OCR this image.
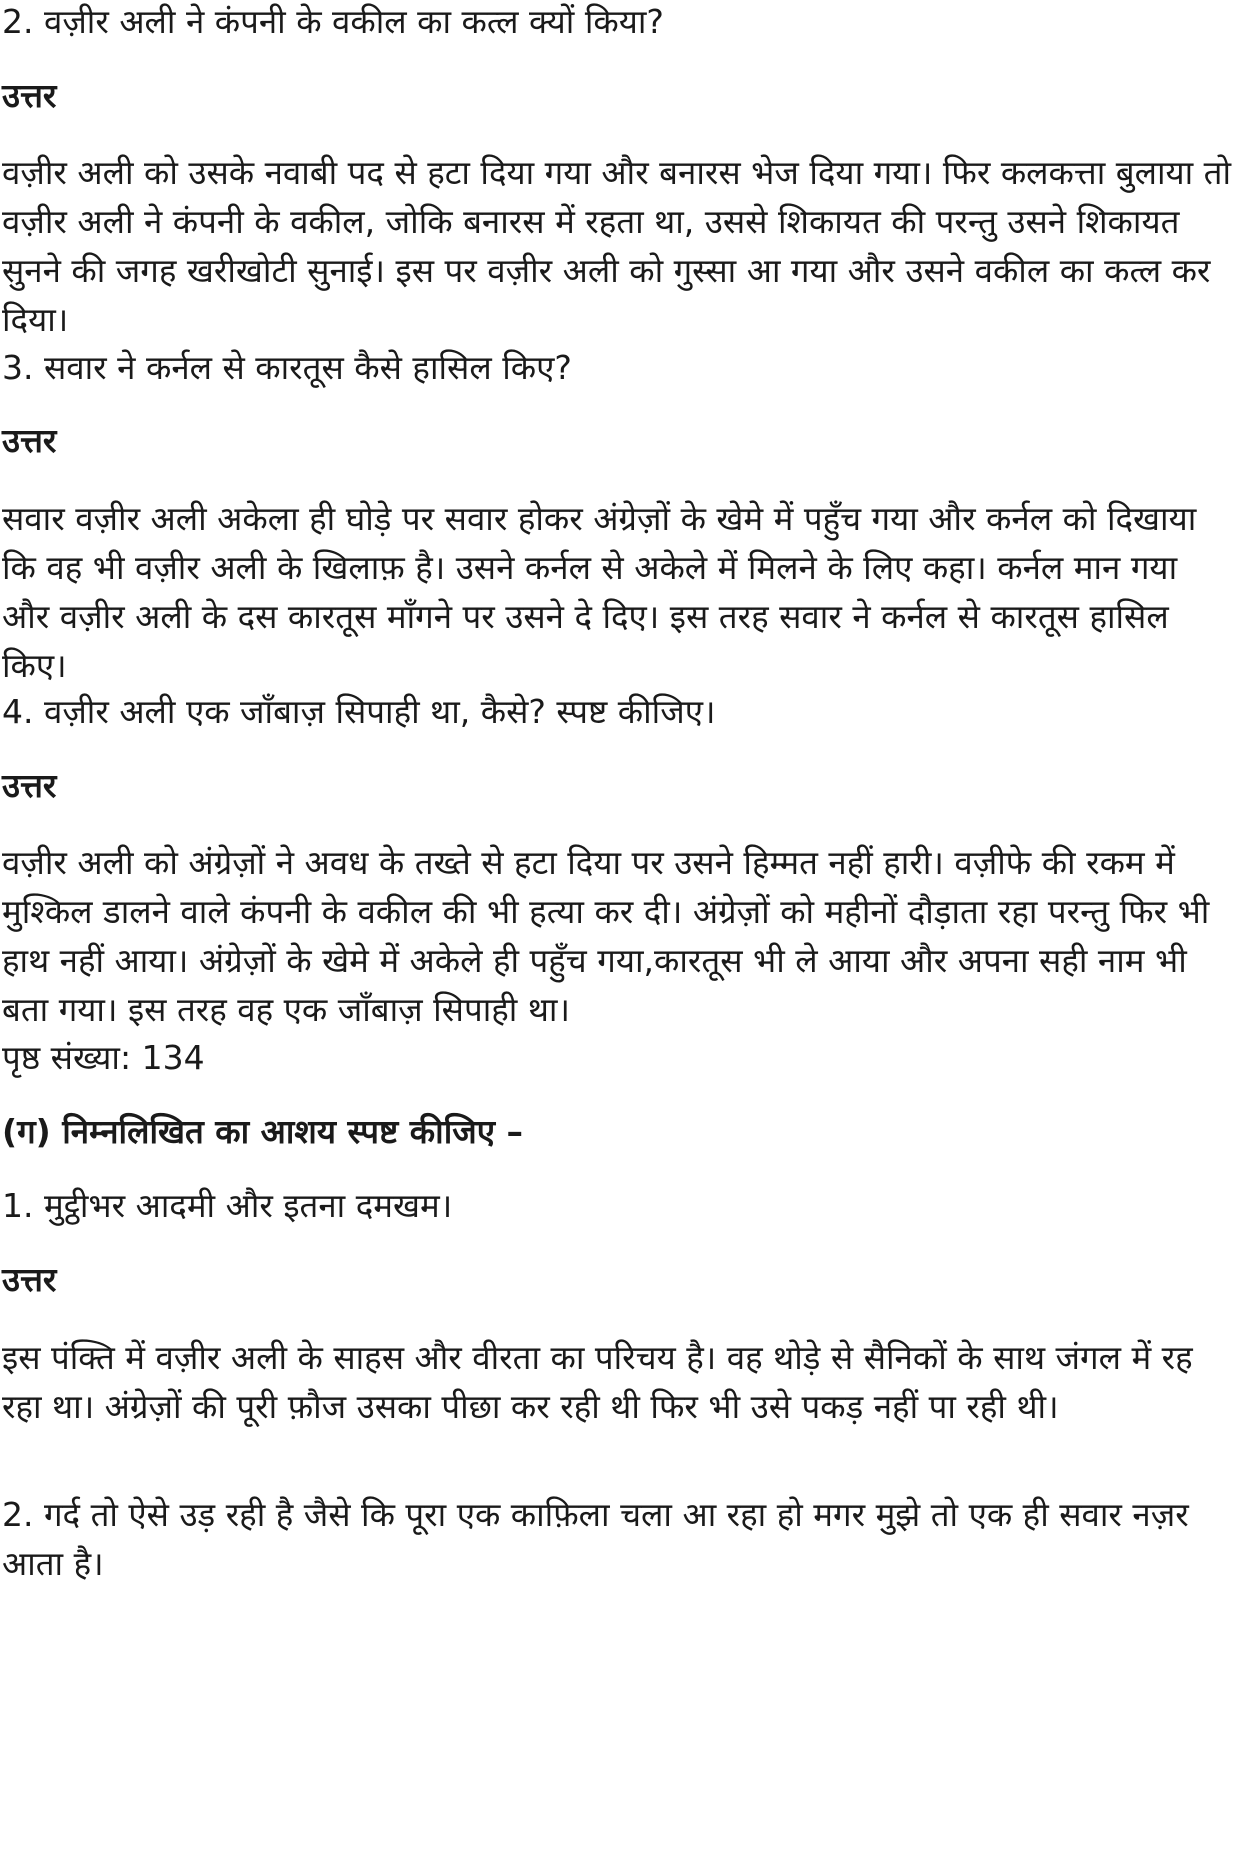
2. वज़ीर अली ने कंपनी के वकील का कत्ल क्यों किया?

उत्तर

वज़ीर अली को उसके नवाबी पद से हटा दिया गया और बनारस भेज दिया गया। फिर कलकत्ता बुलाया तो वज़ीर अली ने कंपनी के वकील, जोकि बनारस में रहता था, उससे शिकायत की परन्तु उसने शिकायत सुनने की जगह खरीखोटी सुनाई। इस पर वज़ीर अली को गुस्सा आ गया और उसने वकील का कत्ल कर दिया।

3. सवार ने कर्नल से कारतूस कैसे हासिल किए?

उत्तर

सवार वज़ीर अली अकेला ही घोड़े पर सवार होकर अंग्रेज़ों के खेमे में पहुँच गया और कर्नल को दिखाया कि वह भी वज़ीर अली के खिलाफ़ है। उसने कर्नल से अकेले में मिलने के लिए कहा। कर्नल मान गया और वज़ीर अली के दस कारतूस माँगने पर उसने दे दिए। इस तरह सवार ने कर्नल से कारतूस हासिल किए।

4. वज़ीर अली एक जाँबाज़ सिपाही था, कैसे? स्पष्ट कीजिए।

उत्तर

वज़ीर अली को अंग्रेज़ों ने अवध के तख्ते से हटा दिया पर उसने हिम्मत नहीं हारी। वज़ीफे की रकम में मुश्किल डालने वाले कंपनी के वकील की भी हत्या कर दी। अंग्रेज़ों को महीनों दौड़ाता रहा परन्तु फिर भी हाथ नहीं आया। अंग्रेज़ों के खेमे में अकेले ही पहुँच गया,कारतूस भी ले आया और अपना सही नाम भी बता गया। इस तरह वह एक जाँबाज़ सिपाही था।

पृष्ठ संख्या: 134

(ग) निम्नलिखित का आशय स्पष्ट कीजिए –

1. मुट्ठीभर आदमी और इतना दमखम।

उत्तर

इस पंक्ति में वज़ीर अली के साहस और वीरता का परिचय है। वह थोड़े से सैनिकों के साथ जंगल में रह रहा था। अंग्रेज़ों की पूरी फ़ौज उसका पीछा कर रही थी फिर भी उसे पकड़ नहीं पा रही थी।

2. गर्द तो ऐसे उड़ रही है जैसे कि पूरा एक काफ़िला चला आ रहा हो मगर मुझे तो एक ही सवार नज़र आता है।
